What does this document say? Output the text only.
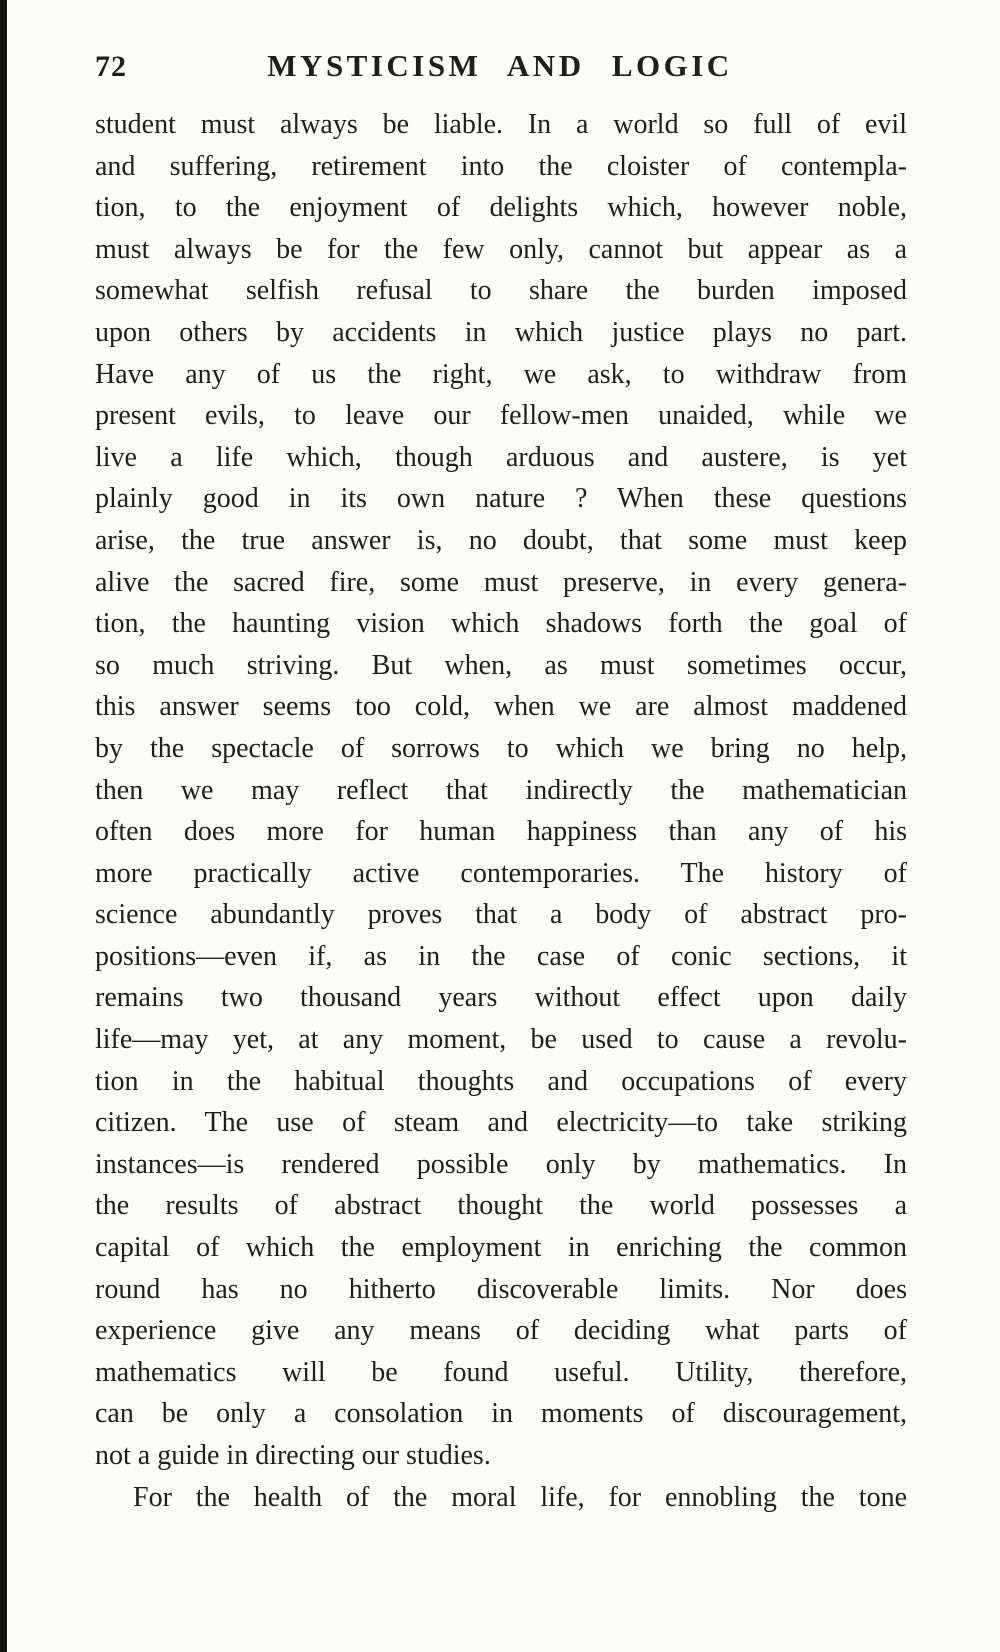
72	MYSTICISM AND LOGIC
student must always be liable. In a world so full of evil
and suffering, retirement into the cloister of contempla-
tion, to the enjoyment of delights which, however noble,
must always be for the few only, cannot but appear as a
somewhat selfish refusal to share the burden imposed
upon others by accidents in which justice plays no part.
Have any of us the right, we ask, to withdraw from
present evils, to leave our fellow-men unaided, while we
live a life which, though arduous and austere, is yet
plainly good in its own nature ? When these questions
arise, the true answer is, no doubt, that some must keep
alive the sacred fire, some must preserve, in every genera-
tion, the haunting vision which shadows forth the goal of
so much striving. But when, as must sometimes occur,
this answer seems too cold, when we are almost maddened
by the spectacle of sorrows to which we bring no help,
then we may reflect that indirectly the mathematician
often does more for human happiness than any of his
more practically active contemporaries. The history of
science abundantly proves that a body of abstract pro-
positions—even if, as in the case of conic sections, it
remains two thousand years without effect upon daily
life—may yet, at any moment, be used to cause a revolu-
tion in the habitual thoughts and occupations of every
citizen. The use of steam and electricity—to take striking
instances—is rendered possible only by mathematics. In
the results of abstract thought the world possesses a
capital of which the employment in enriching the common
round has no hitherto discoverable limits. Nor does
experience give any means of deciding what parts of
mathematics will be found useful. Utility, therefore,
can be only a consolation in moments of discouragement,
not a guide in directing our studies.
For the health of the moral life, for ennobling the tone
